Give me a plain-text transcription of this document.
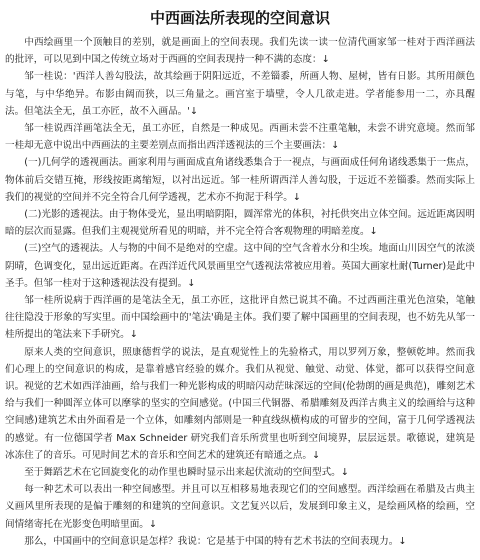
中西画法所表现的空间意识

中西绘画里一个顶触目的差别，就是画面上的空间表现。我们先读一读一位清代画家邹一桂对于西洋画法的批评，可以见到中国之传统立场对于西画的空间表现持一种不满的态度：↓

邹一桂说：'西洋人善勾股法，故其绘画于阴阳远近，不差锱黍，所画人物、屋树，皆有日影。其所用颜色与笔，与中华绝异。布影由阔而狭，以三角量之。画宫室于墙壁，令人几欲走进。学者能参用一二，亦具醒法。但笔法全无，虽工亦匠，故不入画品。'↓

邹一桂说西洋画笔法全无，虽工亦匠，自然是一种成见。西画未尝不注重笔触，未尝不讲究意境。然而邹一桂却无意中说出中西画法的主要差别点而指出西洋透视法的三个主要画法：↓

(一)几何学的透视画法。画家利用与画面成直角诸线悉集合于一视点，与画面成任何角诸线悉集于一焦点，物体前后交错互掩，形线按距离缩短，以衬出远近。邹一桂所谓西洋人善勾股，于远近不差锱黍。然而实际上我们的视觉的空间并不完全符合几何学透视，艺术亦不拘泥于科学。↓

(二)光影的透视法。由于物体受光，显出明暗阴阳，圆浑常光的体积，衬托供突出立体空间。远近距离因明暗的层次而显露。但我们主观视觉所看见的明暗，并不完全符合客观物理的明暗差度。↓

(三)空气的透视法。人与物的中间不是绝对的空虚。这中间的空气含着水分和尘埃。地面山川因空气的浓淡阴晴，色调变化，显出远近距离。在西洋近代风景画里空气透视法常被应用着。英国大画家杜耐(Turner)是此中圣手。但邹一桂对于这种透视法没有提到。↓

邹一桂所说病于西洋画的是笔法全无，虽工亦匠，这批评自然已说其不确。不过西画注重光色渲染，笔触往往隐没于形象的写实里。而中国绘画中的'笔法'确是主体。我们要了解中国画里的空间表现，也不妨先从邹一桂所提出的笔法来下手研究。↓

原来人类的空间意识，照康德哲学的说法，是直观觉性上的先验格式，用以罗列万象，整顿乾坤。然而我们心理上的空间意识的构成，是靠着感官经验的媒介。我们从视觉、触觉、动觉、体觉，都可以获得空间意识。视觉的艺术如西洋油画，给与我们一种光影构成的明暗闪动茫昧深远的空间(伦勃朗的画是典范)，雕刻艺术给与我们一种圆浑立体可以摩挲的坚实的空间感觉。(中国三代铜器、希腊雕刻及西洋古典主义的绘画给与这种空间感)建筑艺术由外面看是一个立体，如雕刻内部则是一种直线纵横构成的可留步的空间，富于几何学透视法的感觉。有一位德国学者 Max Schneider 研究我们音乐所赏里也听到空间境界，层层远景。歌德说，建筑是冰冻住了的音乐。可见时间艺术的音乐和空间艺术的建筑还有暗通之点。↓

至于舞蹈艺术在它回旋变化的动作里也瞬时显示出来起伏流动的空间型式。↓

每一种艺术可以表出一种空间感型。并且可以互相移易地表现它们的空间感型。西洋绘画在希腊及古典主义画风里所表现的是偏于雕刻的和建筑的空间意识。文艺复兴以后，发展到印象主义，是绘画风格的绘画，空间情绪寄托在光影变色明暗里面。↓

那么，中国画中的空间意识是怎样？我说：它是基于中国的特有艺术书法的空间表现力。↓
